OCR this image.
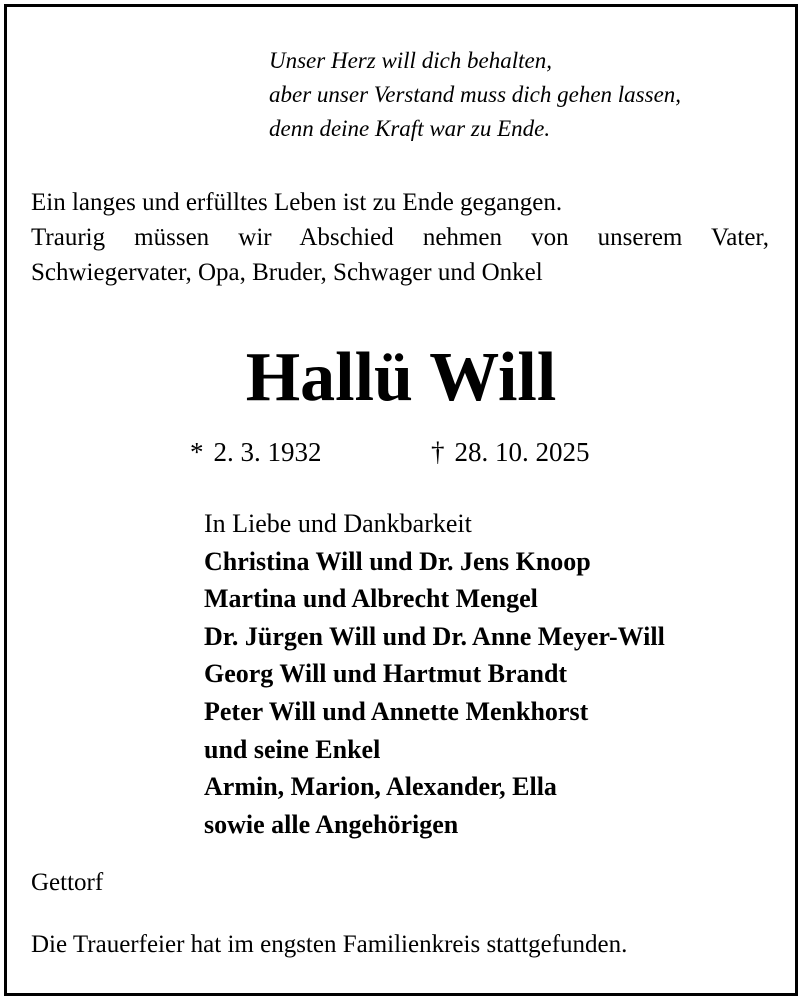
Unser Herz will dich behalten,
aber unser Verstand muss dich gehen lassen,
denn deine Kraft war zu Ende.
Ein langes und erfülltes Leben ist zu Ende gegangen.
Traurig müssen wir Abschied nehmen von unserem Vater,
Schwiegervater, Opa, Bruder, Schwager und Onkel
Hallü Will
* 2. 3. 1932	† 28. 10. 2025
In Liebe und Dankbarkeit
Christina Will und Dr. Jens Knoop
Martina und Albrecht Mengel
Dr. Jürgen Will und Dr. Anne Meyer-Will
Georg Will und Hartmut Brandt
Peter Will und Annette Menkhorst
und seine Enkel
Armin, Marion, Alexander, Ella
sowie alle Angehörigen
Gettorf
Die Trauerfeier hat im engsten Familienkreis stattgefunden.
